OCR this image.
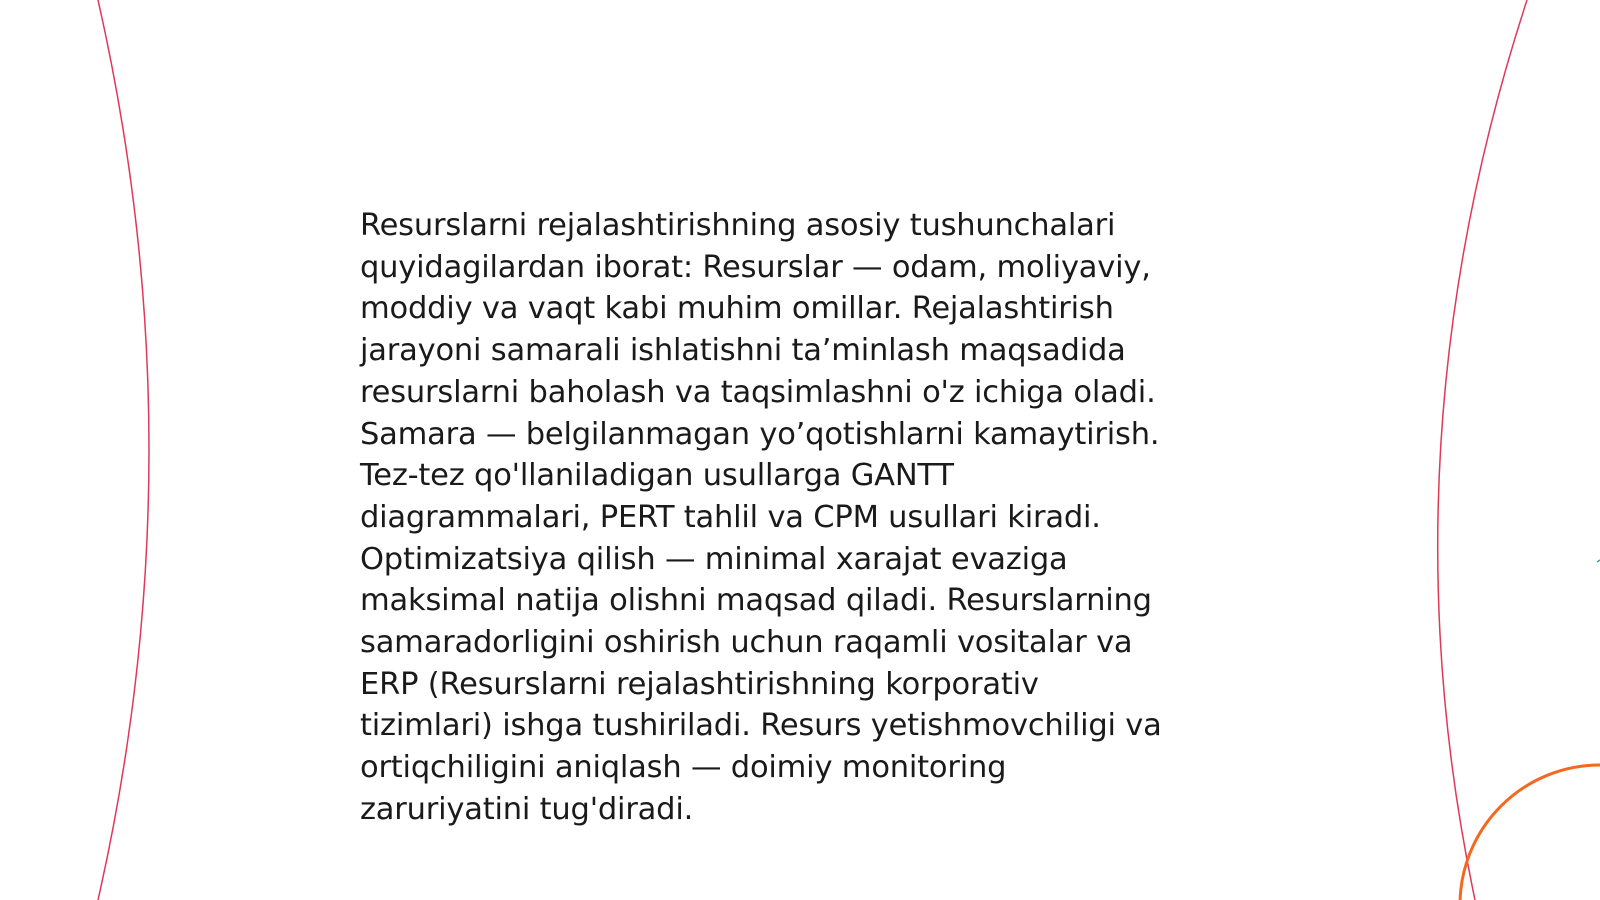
Resurslarni rejalashtirishning asosiy tushunchalari
quyidagilardan iborat: Resurslar — odam, moliyaviy,
moddiy va vaqt kabi muhim omillar. Rejalashtirish
jarayoni samarali ishlatishni ta’minlash maqsadida
resurslarni baholash va taqsimlashni o'z ichiga oladi.
Samara — belgilanmagan yo’qotishlarni kamaytirish.
Tez-tez qo'llaniladigan usullarga GANTT
diagrammalari, PERT tahlil va CPM usullari kiradi.
Optimizatsiya qilish — minimal xarajat evaziga
maksimal natija olishni maqsad qiladi. Resurslarning
samaradorligini oshirish uchun raqamli vositalar va
ERP (Resurslarni rejalashtirishning korporativ
tizimlari) ishga tushiriladi. Resurs yetishmovchiligi va
ortiqchiligini aniqlash — doimiy monitoring
zaruriyatini tug'diradi.
